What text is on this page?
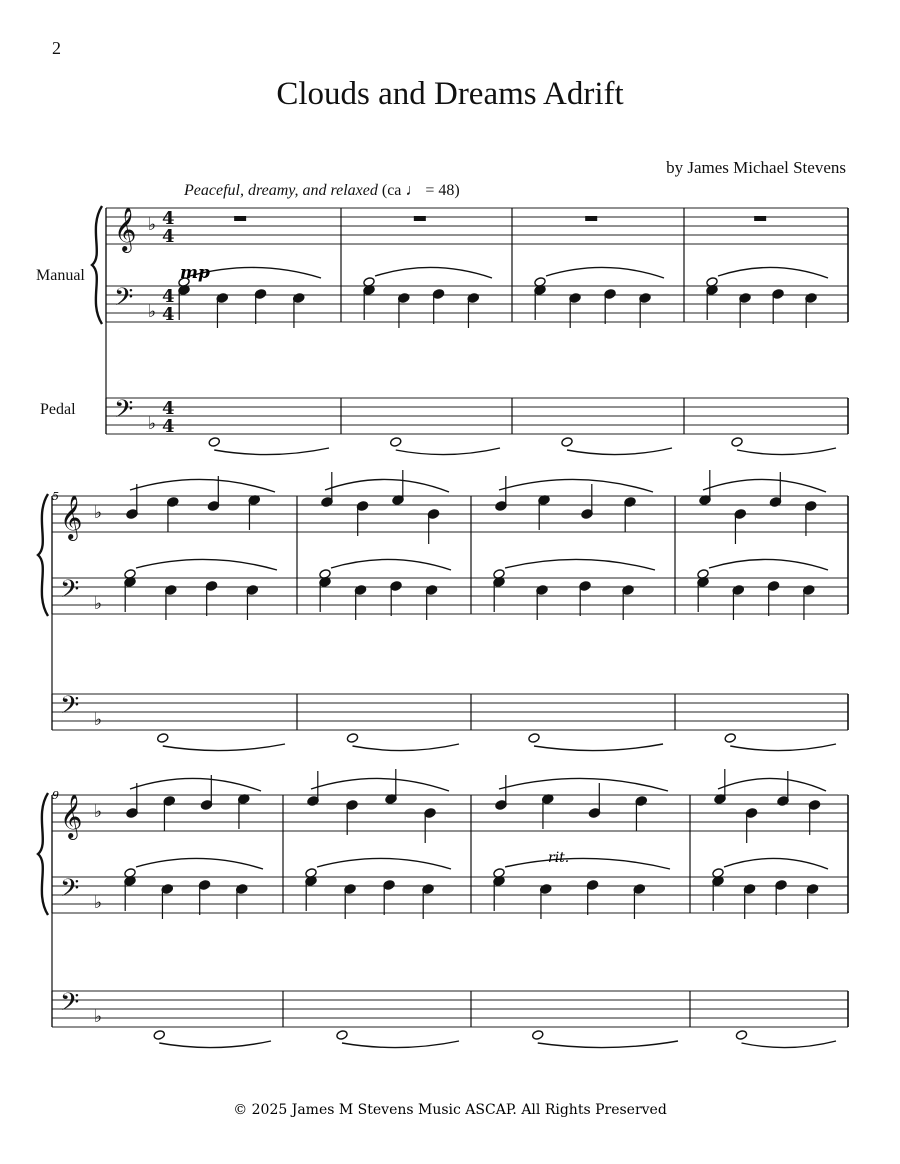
2
Clouds and Dreams Adrift
by James Michael Stevens
Peaceful, dreamy, and relaxed (ca ♩ = 48)
Manual
Pedal
𝄞
𝄢
𝄢
♭
♭
♭
4
4
4
4
4
4
𝄞
𝄢
𝄢
♭
♭
♭
𝄞
𝄢
𝄢
♭
♭
♭
5
9
mp
rit.
© 2025 James M Stevens Music ASCAP. All Rights Preserved
